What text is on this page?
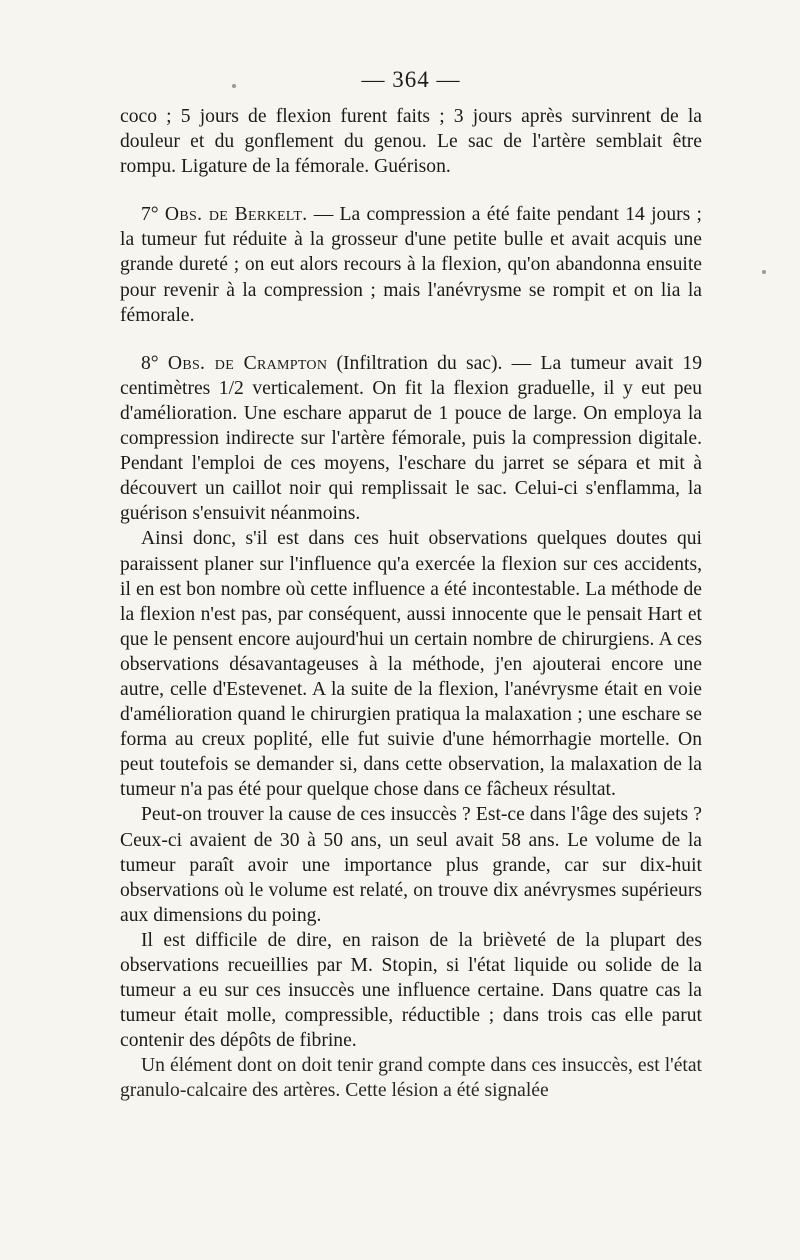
— 364 —

coco ; 5 jours de flexion furent faits ; 3 jours après survinrent de la douleur et du gonflement du genou. Le sac de l'artère semblait être rompu. Ligature de la fémorale. Guérison.

7° Obs. de Berkelt. — La compression a été faite pendant 14 jours ; la tumeur fut réduite à la grosseur d'une petite bulle et avait acquis une grande dureté ; on eut alors recours à la flexion, qu'on abandonna ensuite pour revenir à la compression ; mais l'anévrysme se rompit et on lia la fémorale.

8° Obs. de Crampton (Infiltration du sac). — La tumeur avait 19 centimètres 1/2 verticalement. On fit la flexion graduelle, il y eut peu d'amélioration. Une eschare apparut de 1 pouce de large. On employa la compression indirecte sur l'artère fémorale, puis la compression digitale. Pendant l'emploi de ces moyens, l'eschare du jarret se sépara et mit à découvert un caillot noir qui remplissait le sac. Celui-ci s'enflamma, la guérison s'ensuivit néanmoins.

Ainsi donc, s'il est dans ces huit observations quelques doutes qui paraissent planer sur l'influence qu'a exercée la flexion sur ces accidents, il en est bon nombre où cette influence a été incontestable. La méthode de la flexion n'est pas, par conséquent, aussi innocente que le pensait Hart et que le pensent encore aujourd'hui un certain nombre de chirurgiens. A ces observations désavantageuses à la méthode, j'en ajouterai encore une autre, celle d'Estevenet. A la suite de la flexion, l'anévrysme était en voie d'amélioration quand le chirurgien pratiqua la malaxation ; une eschare se forma au creux poplité, elle fut suivie d'une hémorrhagie mortelle. On peut toutefois se demander si, dans cette observation, la malaxation de la tumeur n'a pas été pour quelque chose dans ce fâcheux résultat.

Peut-on trouver la cause de ces insuccès ? Est-ce dans l'âge des sujets ? Ceux-ci avaient de 30 à 50 ans, un seul avait 58 ans. Le volume de la tumeur paraît avoir une importance plus grande, car sur dix-huit observations où le volume est relaté, on trouve dix anévrysmes supérieurs aux dimensions du poing.

Il est difficile de dire, en raison de la brièveté de la plupart des observations recueillies par M. Stopin, si l'état liquide ou solide de la tumeur a eu sur ces insuccès une influence certaine. Dans quatre cas la tumeur était molle, compressible, réductible ; dans trois cas elle parut contenir des dépôts de fibrine.

Un élément dont on doit tenir grand compte dans ces insuccès, est l'état granulo-calcaire des artères. Cette lésion a été signalée
